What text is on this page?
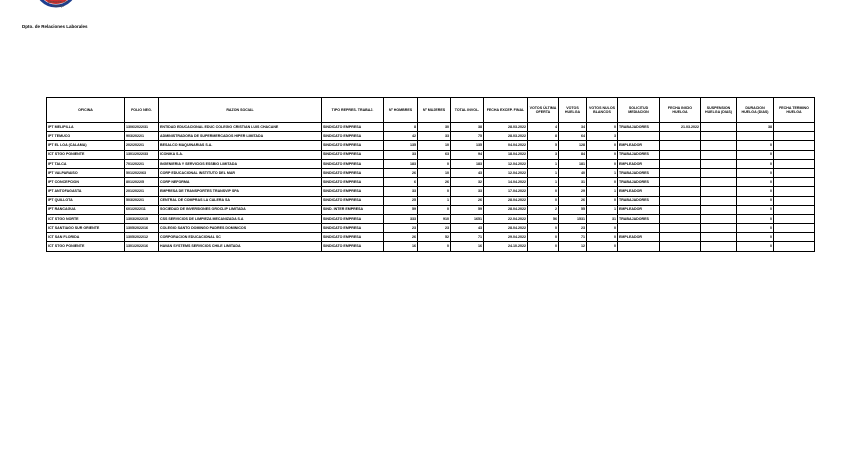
Dirección del
Trabajo
Dpto. de Relaciones Laborales
OFICINA	FOLIO NEG.	RAZON SOCIAL	TIPO REPRES. TRABAJ.	Nº HOMBRES	Nº MUJERES	TOTAL INVOL.	FECHA EXCEP. FINAL	VOTOS ÚLTIMA OFERTA	VOTOS HUELGA	VOTOS NULOS BLANCOS	SOLICITUD MEDIACION	FECHA INICIO HUELGA	SUSPENSION HUELGA (DIAS)	DURACION HUELGA (DIAS)	FECHA TERMINO HUELGA
IPT MELIPILLA	1306/2022/31	ENTIDAD EDUCACIONAL EDUC COLEGIO CRISTIAN LUIS CHACANE	SINDICATO EMPRESA	8	30	38	28.03.2022	4	34	0	TRABAJADORES	21.03.2022		38	
IPT TEMUCO	903/2022/1	ADMINISTRADORA DE SUPERMERCADOS HIPER LIMITADA	SINDICATO EMPRESA	42	33	75	28.03.2022	8	64	3					
IPT EL LOA (CALAMA)	202/2022/1	BESALCO MAQUINARIAS S.A.	SINDICATO EMPRESA	135	10	135	04.04.2022	5	128	0	EMPLEADOR			0	
ICT STGO PONIENTE	1301/2022/33	ICONIKA S.A.	SINDICATO EMPRESA	33	63	94	18.04.2022	3	84	0	TRABAJADORES			0	
IPT TALCA	701/2022/1	INGENIERIA Y SERVICIOS ESSBIO LIMITADA	SINDICATO EMPRESA	183	0	183	12.04.2022	1	181	0	EMPLEADOR			0	
IPT VALPARAISO	501/2022/63	CORP EDUCACIONAL INSTITUTO DEL MAR	SINDICATO EMPRESA	26	10	43	12.04.2022	1	40	1	TRABAJADORES			0	
IPT CONCEPCION	801/2022/5	CORP NEFORMA	SINDICATO EMPRESA	6	26	32	14.04.2022	1	31	0	TRABAJADORES			0	
IPT ANTOFAGASTA	201/2022/1	EMPRESA DE TRANSPORTES TRANSVIP SPA	SINDICATO EMPRESA	33	0	33	17.04.2022	0	29	1	EMPLEADOR			0	
IPT QUILLOTA	503/2022/1	CENTRAL DE COMPRAS LA CALERA SA	SINDICATO EMPRESA	25	1	26	28.04.2022	0	26	0	TRABAJADORES			0	
IPT RANCAGUA	601/2022/11	SOCIEDAD DE INVERSIONES OROCLIP LIMITADA	SIND. INTER EMPRESA	59	0	59	28.04.2022	2	55	1	EMPLEADOR			0	
ICT STGO NORTE	1303/2022/15	CSS SERVICIOS DE LIMPIEZA MECANIZADA S.A	SINDICATO EMPRESA	333	910	1651	22.04.2022	56	1531	31	TRABAJADORES			0	
ICT SANTIAGO SUR ORIENTE	1305/2022/16	COLEGIO SANTO DOMINGO PADRES DOMINICOS	SINDICATO EMPRESA	23	23	43	28.04.2022	0	23	0				0	
ICT SAN FLORIDA	1305/2022/12	CORPORACION EDUCACIONAL SC	SINDICATO EMPRESA	26	52	71	29.04.2022	0	71	0	EMPLEADOR			0	
ICT STGO PONIENTE	1301/2022/16	HAVAN SYSTEMS SERVICIOS CHILE LIMITADA	SINDICATO EMPRESA	16	0	16	24.10.2022	0	12	0				0	
